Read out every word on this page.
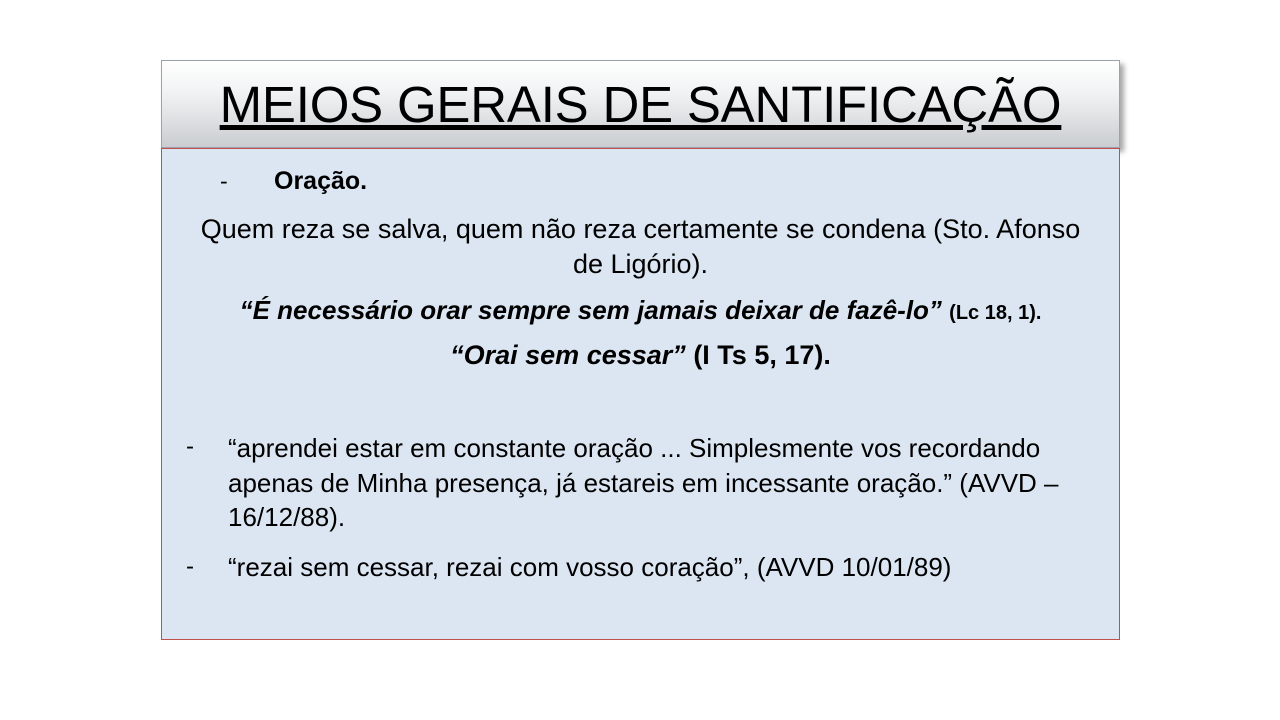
MEIOS GERAIS DE SANTIFICAÇÃO
-	Oração.
Quem reza se salva, quem não reza certamente se condena (Sto. Afonso de Ligório).
“É necessário orar sempre sem jamais deixar de fazê-lo” (Lc 18, 1).
“Orai sem cessar” (I Ts 5, 17).
-	“aprendei estar em constante oração ... Simplesmente vos recordando apenas de Minha presença, já estareis em incessante oração.” (AVVD – 16/12/88).
-	“rezai sem cessar, rezai com vosso coração”, (AVVD 10/01/89)
